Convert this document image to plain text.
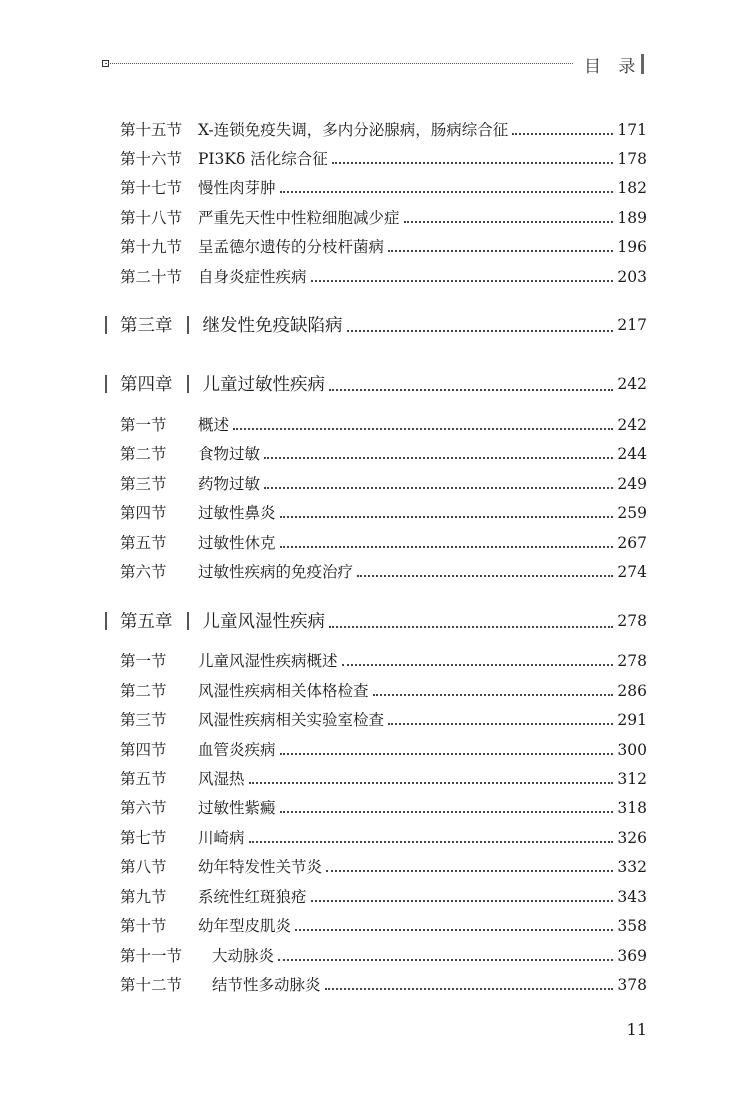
目 录
第十五节	X-连锁免疫失调，多内分泌腺病，肠病综合征	171
第十六节	PI3Kδ 活化综合征	178
第十七节	慢性肉芽肿	182
第十八节	严重先天性中性粒细胞减少症	189
第十九节	呈孟德尔遗传的分枝杆菌病	196
第二十节	自身炎症性疾病	203
第三章 继发性免疫缺陷病	217
第四章 儿童过敏性疾病	242
第一节	概述	242
第二节	食物过敏	244
第三节	药物过敏	249
第四节	过敏性鼻炎	259
第五节	过敏性休克	267
第六节	过敏性疾病的免疫治疗	274
第五章 儿童风湿性疾病	278
第一节	儿童风湿性疾病概述	278
第二节	风湿性疾病相关体格检查	286
第三节	风湿性疾病相关实验室检查	291
第四节	血管炎疾病	300
第五节	风湿热	312
第六节	过敏性紫癜	318
第七节	川崎病	326
第八节	幼年特发性关节炎	332
第九节	系统性红斑狼疮	343
第十节	幼年型皮肌炎	358
第十一节	大动脉炎	369
第十二节	结节性多动脉炎	378
11
